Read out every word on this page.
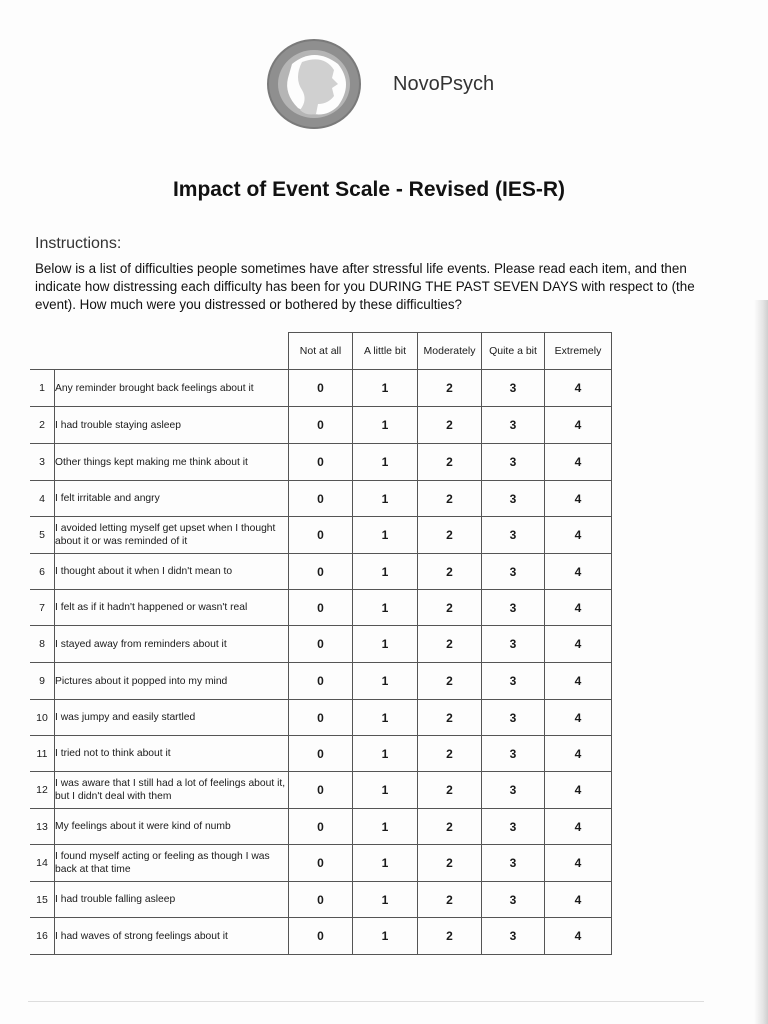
NovoPsych
Impact of Event Scale - Revised (IES-R)
Instructions:
Below is a list of difficulties people sometimes have after stressful life events. Please read each item, and then indicate how distressing each difficulty has been for you DURING THE PAST SEVEN DAYS with respect to (the event). How much were you distressed or bothered by these difficulties?
		Not at all	A little bit	Moderately	Quite a bit	Extremely
1	Any reminder brought back feelings about it	0	1	2	3	4
2	I had trouble staying asleep	0	1	2	3	4
3	Other things kept making me think about it	0	1	2	3	4
4	I felt irritable and angry	0	1	2	3	4
5	I avoided letting myself get upset when I thought about it or was reminded of it	0	1	2	3	4
6	I thought about it when I didn't mean to	0	1	2	3	4
7	I felt as if it hadn't happened or wasn't real	0	1	2	3	4
8	I stayed away from reminders about it	0	1	2	3	4
9	Pictures about it popped into my mind	0	1	2	3	4
10	I was jumpy and easily startled	0	1	2	3	4
11	I tried not to think about it	0	1	2	3	4
12	I was aware that I still had a lot of feelings about it, but I didn't deal with them	0	1	2	3	4
13	My feelings about it were kind of numb	0	1	2	3	4
14	I found myself acting or feeling as though I was back at that time	0	1	2	3	4
15	I had trouble falling asleep	0	1	2	3	4
16	I had waves of strong feelings about it	0	1	2	3	4
